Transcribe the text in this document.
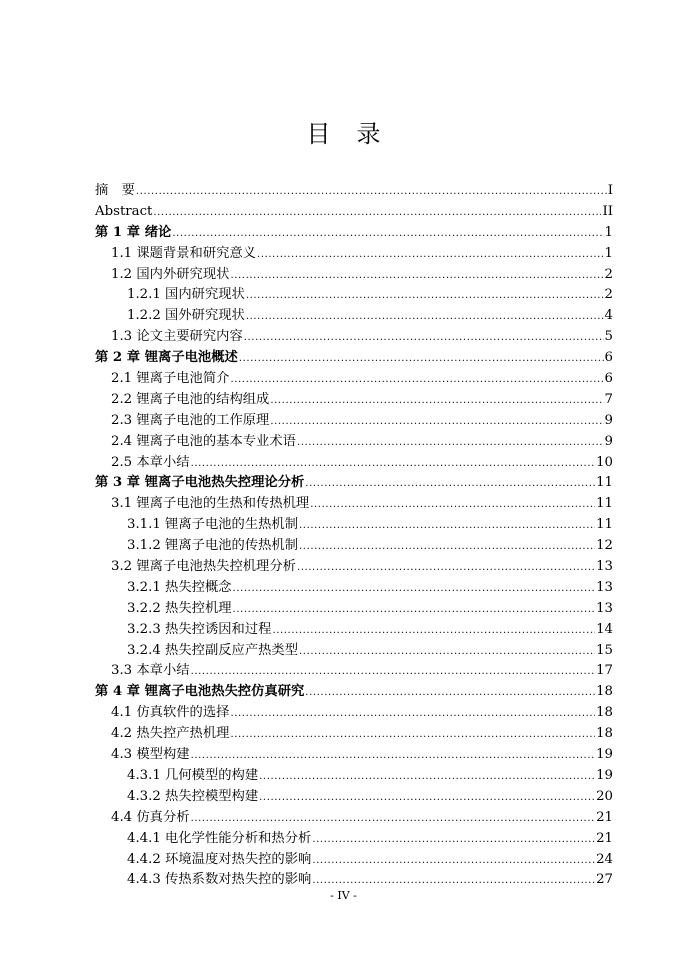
目 录
摘　要 .....	I
Abstract .....	II
第 1 章 绪论 .....	1
1.1 课题背景和研究意义 .....	1
1.2 国内外研究现状 .....	2
1.2.1 国内研究现状 .....	2
1.2.2 国外研究现状 .....	4
1.3 论文主要研究内容 .....	5
第 2 章 锂离子电池概述 .....	6
2.1 锂离子电池简介 .....	6
2.2 锂离子电池的结构组成 .....	7
2.3 锂离子电池的工作原理 .....	9
2.4 锂离子电池的基本专业术语 .....	9
2.5 本章小结 .....	10
第 3 章 锂离子电池热失控理论分析 .....	11
3.1 锂离子电池的生热和传热机理 .....	11
3.1.1 锂离子电池的生热机制 .....	11
3.1.2 锂离子电池的传热机制 .....	12
3.2 锂离子电池热失控机理分析 .....	13
3.2.1 热失控概念 .....	13
3.2.2 热失控机理 .....	13
3.2.3 热失控诱因和过程 .....	14
3.2.4 热失控副反应产热类型 .....	15
3.3 本章小结 .....	17
第 4 章 锂离子电池热失控仿真研究 .....	18
4.1 仿真软件的选择 .....	18
4.2 热失控产热机理 .....	18
4.3 模型构建 .....	19
4.3.1 几何模型的构建 .....	19
4.3.2 热失控模型构建 .....	20
4.4 仿真分析 .....	21
4.4.1 电化学性能分析和热分析 .....	21
4.4.2 环境温度对热失控的影响 .....	24
4.4.3 传热系数对热失控的影响 .....	27
- IV -
